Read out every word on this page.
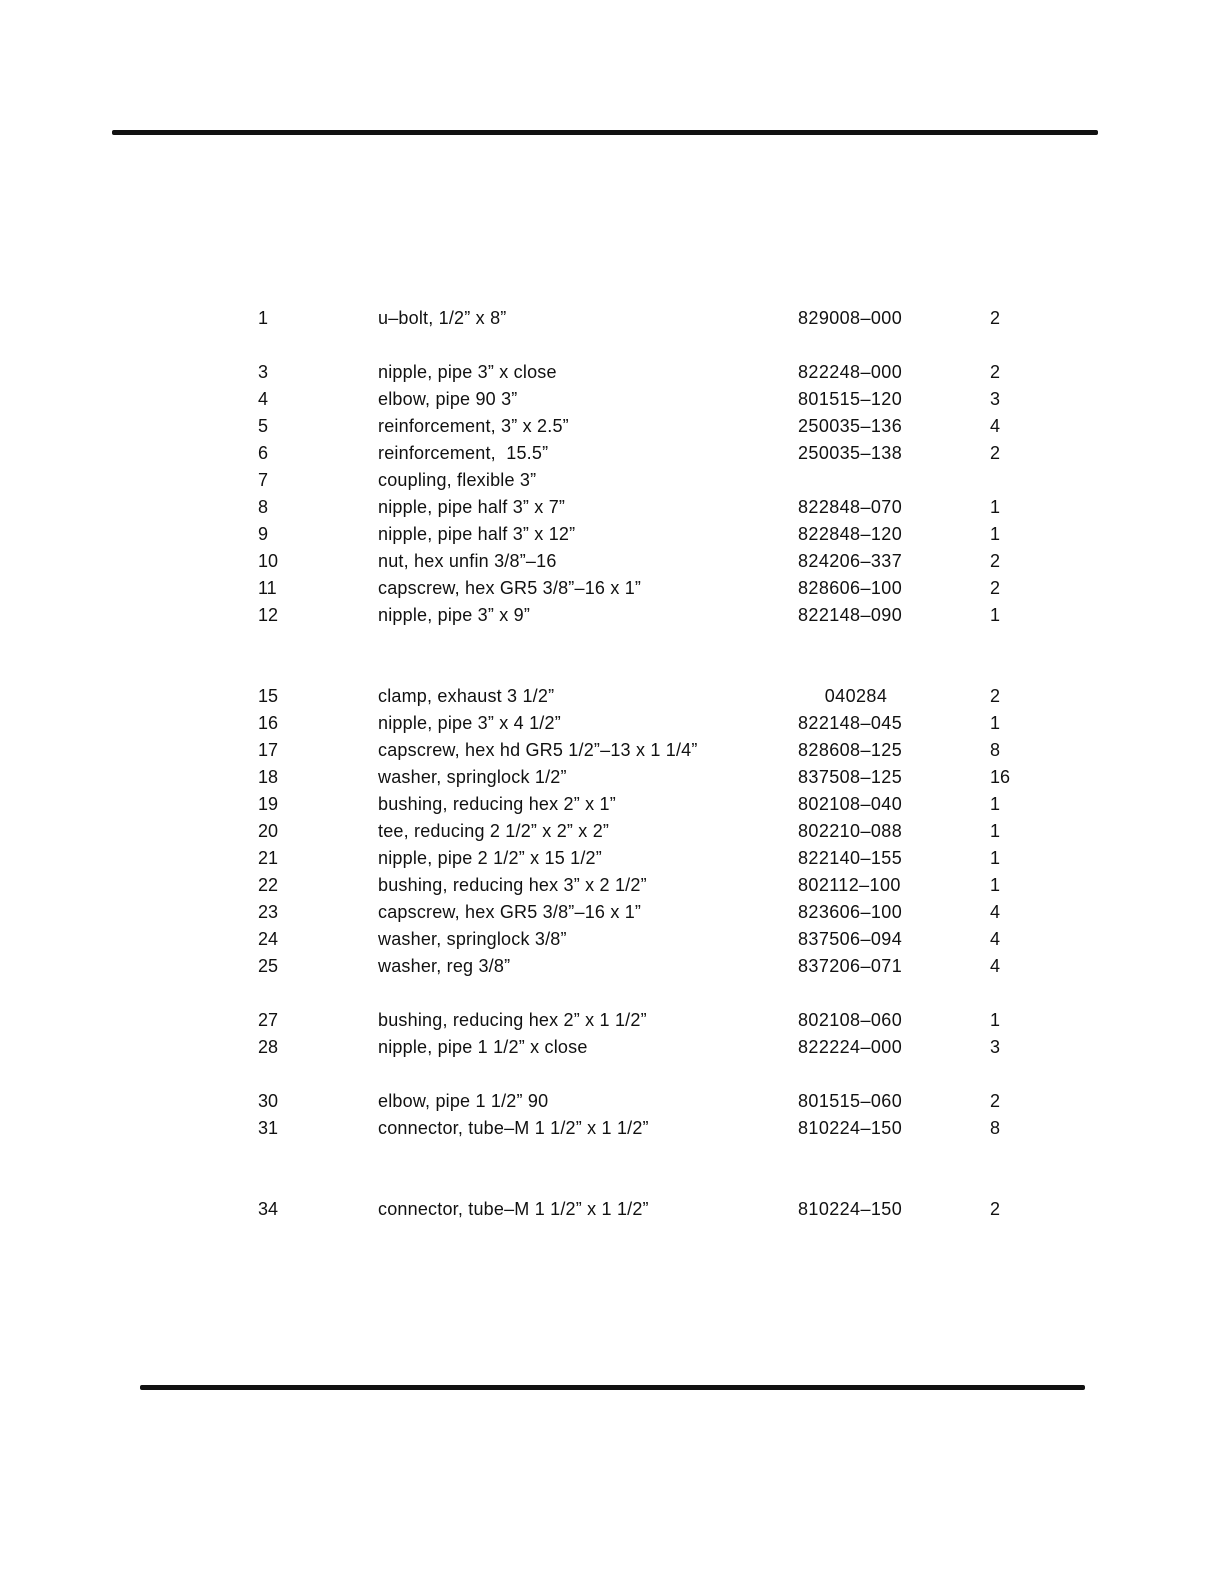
1	u–bolt, 1/2” x 8”	829008–000	2
3	nipple, pipe 3” x close	822248–000	2
4	elbow, pipe 90 3”	801515–120	3
5	reinforcement, 3” x 2.5”	250035–136	4
6	reinforcement,  15.5”	250035–138	2
7	coupling, flexible 3”
8	nipple, pipe half 3” x 7”	822848–070	1
9	nipple, pipe half 3” x 12”	822848–120	1
10	nut, hex unfin 3/8”–16	824206–337	2
11	capscrew, hex GR5 3/8”–16 x 1”	828606–100	2
12	nipple, pipe 3” x 9”	822148–090	1
15	clamp, exhaust 3 1/2”	040284	2
16	nipple, pipe 3” x 4 1/2”	822148–045	1
17	capscrew, hex hd GR5 1/2”–13 x 1 1/4”	828608–125	8
18	washer, springlock 1/2”	837508–125	16
19	bushing, reducing hex 2” x 1”	802108–040	1
20	tee, reducing 2 1/2” x 2” x 2”	802210–088	1
21	nipple, pipe 2 1/2” x 15 1/2”	822140–155	1
22	bushing, reducing hex 3” x 2 1/2”	802112–100	1
23	capscrew, hex GR5 3/8”–16 x 1”	823606–100	4
24	washer, springlock 3/8”	837506–094	4
25	washer, reg 3/8”	837206–071	4
27	bushing, reducing hex 2” x 1 1/2”	802108–060	1
28	nipple, pipe 1 1/2” x close	822224–000	3
30	elbow, pipe 1 1/2” 90	801515–060	2
31	connector, tube–M 1 1/2” x 1 1/2”	810224–150	8
34	connector, tube–M 1 1/2” x 1 1/2”	810224–150	2
